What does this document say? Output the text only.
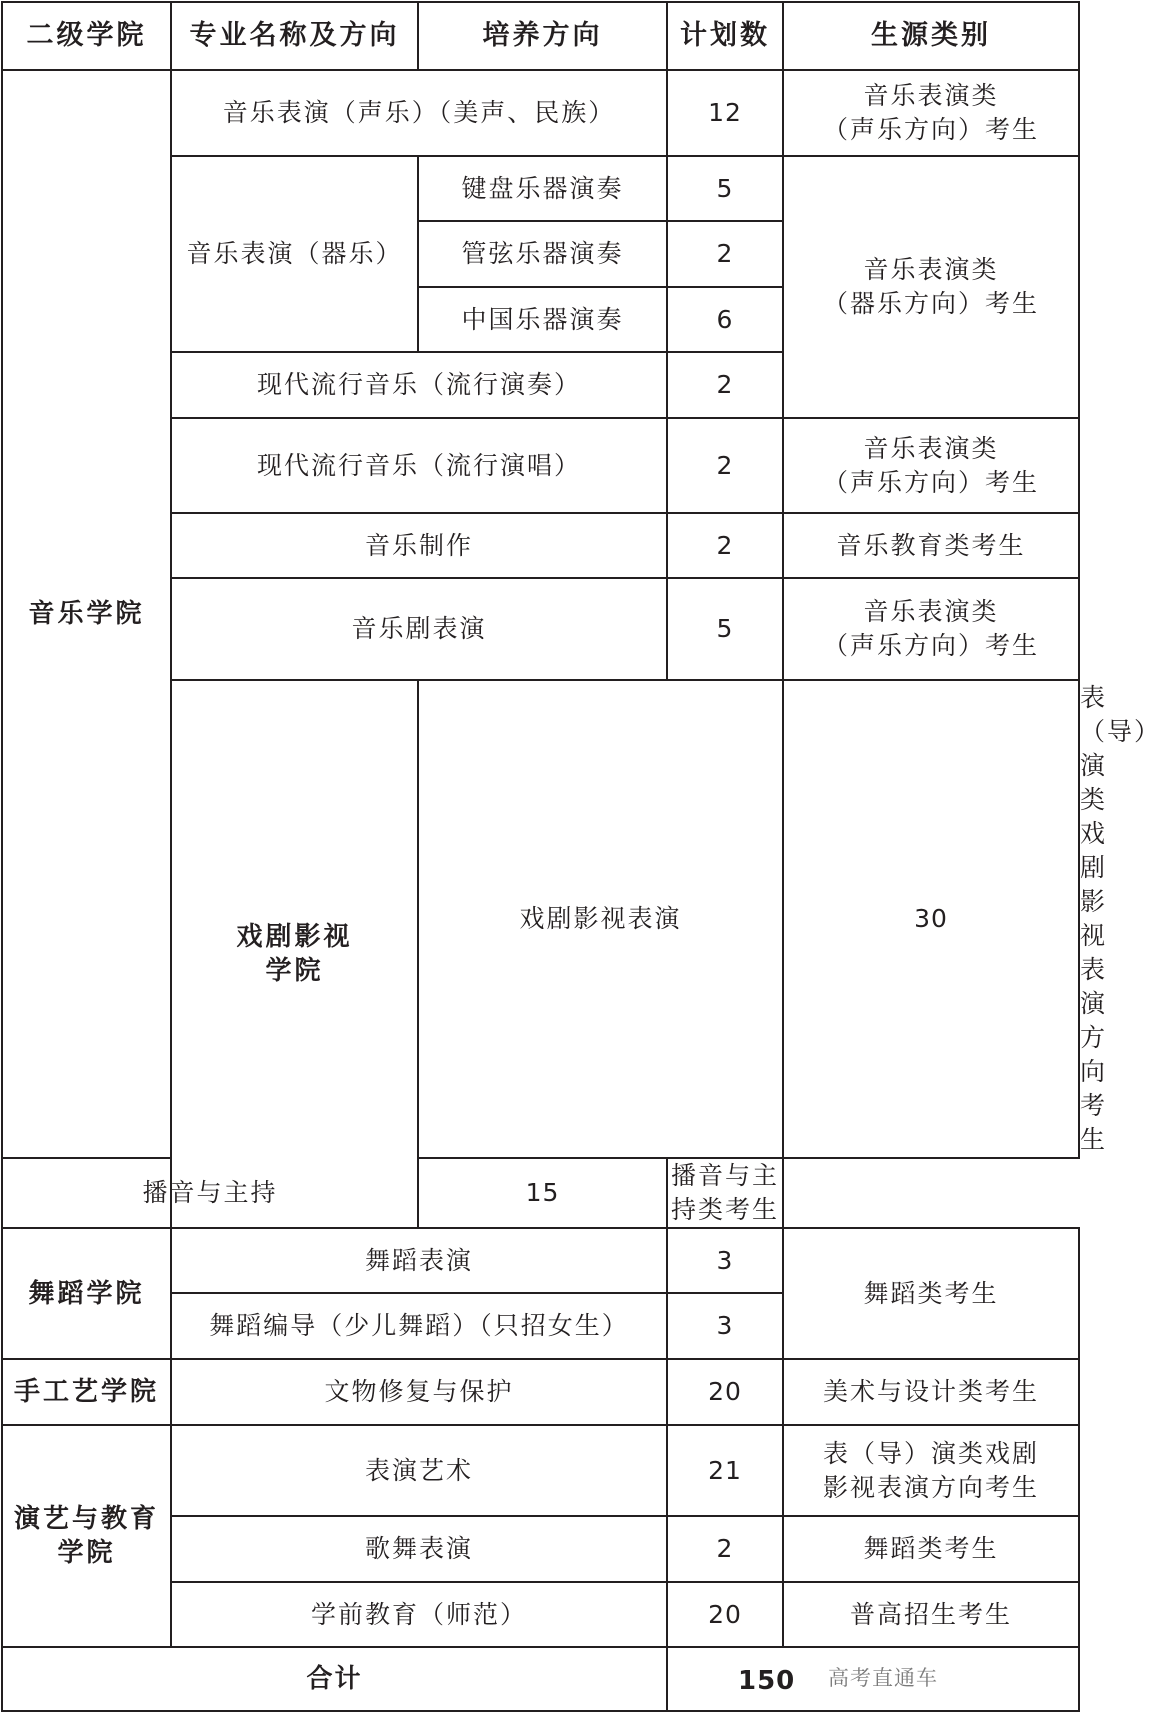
二级学院	专业名称及方向	培养方向	计划数	生源类别	
音乐学院	音乐表演（声乐）（美声、民族）		12	音乐表演类
（声乐方向）考生	

	音乐表演（器乐）	键盘乐器演奏	5	音乐表演类
（器乐方向）考生	

		管弦乐器演奏	2		
		中国乐器演奏	6		
	现代流行音乐（流行演奏）		2		
	现代流行音乐（流行演唱）		2	音乐表演类
（声乐方向）考生	

	音乐制作		2	音乐教育类考生	
	音乐剧表演		5	音乐表演类
（声乐方向）考生	

	戏剧影视
学院	戏剧影视表演		30	表（导）演类戏剧
影视表演方向考生

播音与主持		15	播音与主持类考生		
舞蹈学院	舞蹈表演		3	舞蹈类考生	
	舞蹈编导（少儿舞蹈）（只招女生）		3		
手工艺学院	文物修复与保护		20	美术与设计类考生	

演艺与教育
学院	表演艺术		21	表（导）演类戏剧
影视表演方向考生	

	歌舞表演		2	舞蹈类考生	
	学前教育（师范）		20	普高招生考生	
合计			150 高考直通车		
